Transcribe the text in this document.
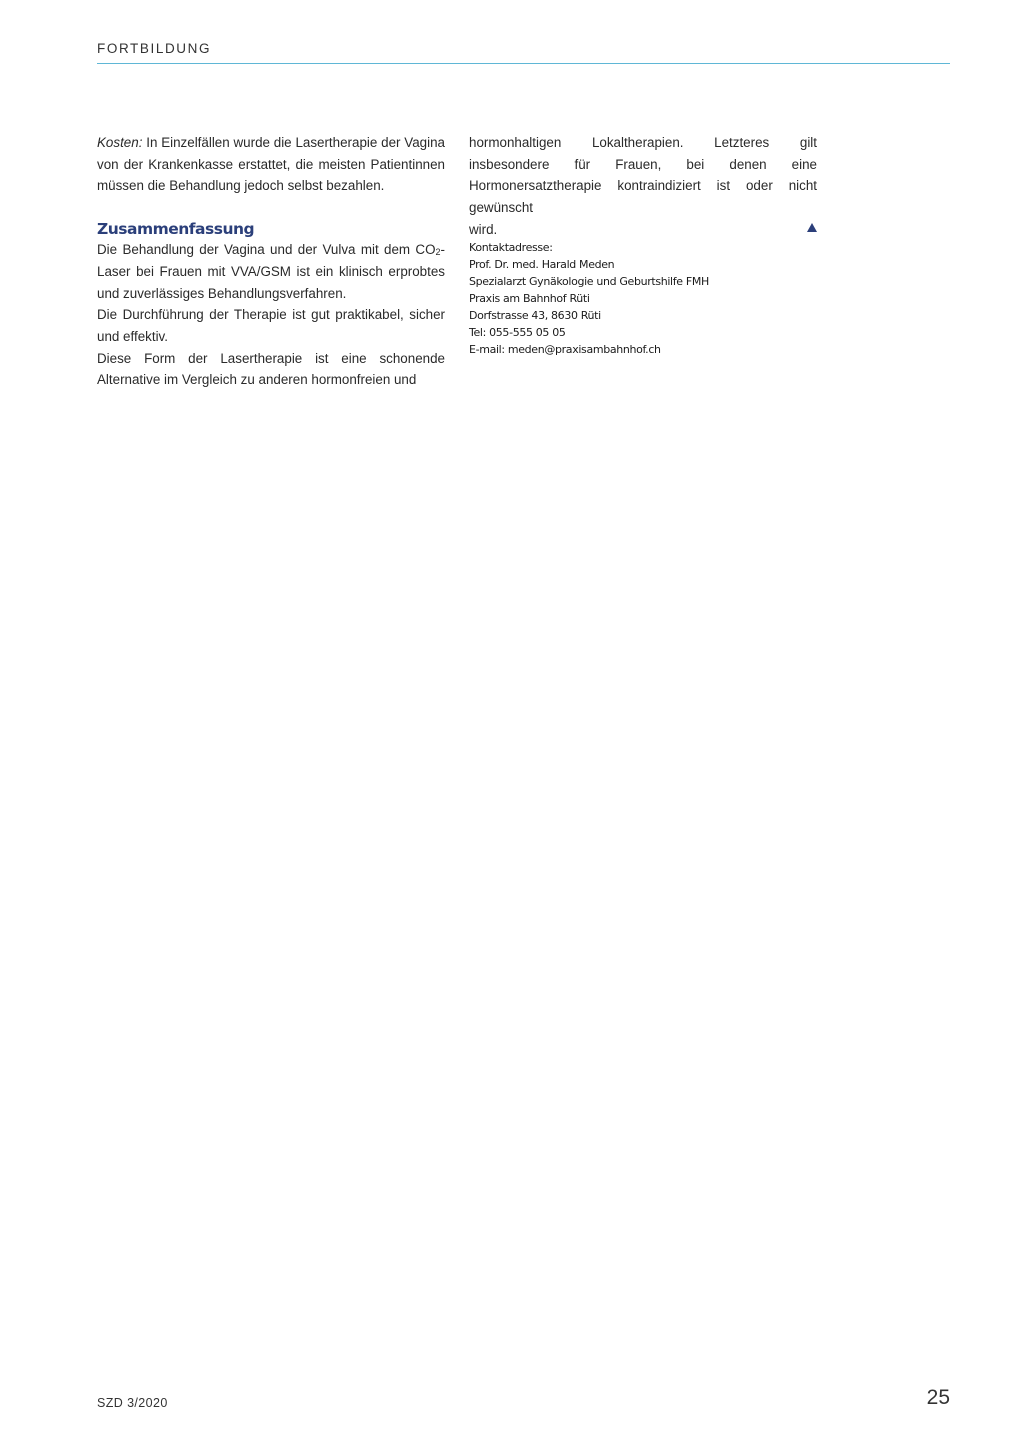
FORTBILDUNG

Kosten: In Einzelfällen wurde die Lasertherapie der Vagina von der Krankenkasse erstattet, die meisten Patientinnen müssen die Behandlung jedoch selbst bezahlen.

Zusammenfassung

Die Behandlung der Vagina und der Vulva mit dem $CO_2$-Laser bei Frauen mit VVA/GSM ist ein klinisch erprobtes und zuverlässiges Behandlungsverfahren.

Die Durchführung der Therapie ist gut praktikabel, sicher und effektiv.

Diese Form der Lasertherapie ist eine schonende Alternative im Vergleich zu anderen hormonfreien und

hormonhaltigen Lokaltherapien. Letzteres gilt insbesondere für Frauen, bei denen eine Hormonersatztherapie kontraindiziert ist oder nicht gewünscht

wird.
Kontaktadresse:
Prof. Dr. med. Harald Meden
Spezialarzt Gynäkologie und Geburtshilfe FMH
Praxis am Bahnhof Rüti
Dorfstrasse 43, 8630 Rüti
Tel: 055-555 05 05
E-mail: meden@praxisambahnhof.ch
SZD 3/2020	25
